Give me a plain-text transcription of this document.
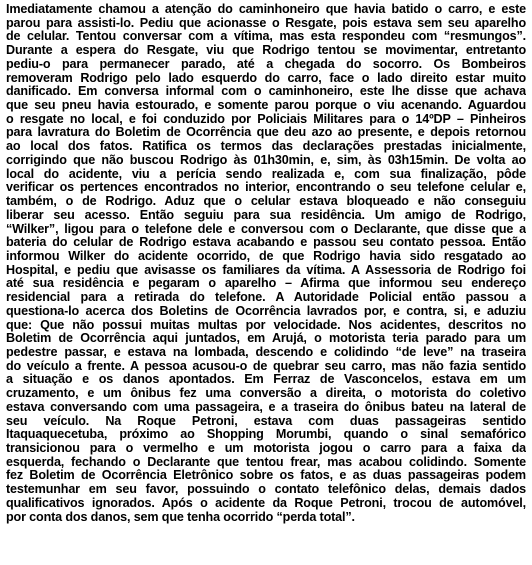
Imediatamente chamou a atenção do caminhoneiro que havia batido o carro, e este
parou para assisti-lo. Pediu que acionasse o Resgate, pois estava sem seu aparelho
de celular. Tentou conversar com a vítima, mas esta respondeu com “resmungos”.
Durante a espera do Resgate, viu que Rodrigo tentou se movimentar, entretanto
pediu-o para permanecer parado, até a chegada do socorro. Os Bombeiros
removeram Rodrigo pelo lado esquerdo do carro, face o lado direito estar muito
danificado. Em conversa informal com o caminhoneiro, este lhe disse que achava
que seu pneu havia estourado, e somente parou porque o viu acenando. Aguardou
o resgate no local, e foi conduzido por Policiais Militares para o 14ºDP – Pinheiros
para lavratura do Boletim de Ocorrência que deu azo ao presente, e depois retornou
ao local dos fatos. Ratifica os termos das declarações prestadas inicialmente,
corrigindo que não buscou Rodrigo às 01h30min, e, sim, às 03h15min. De volta ao
local do acidente, viu a perícia sendo realizada e, com sua finalização, pôde
verificar os pertences encontrados no interior, encontrando o seu telefone celular e,
também, o de Rodrigo. Aduz que o celular estava bloqueado e não conseguiu
liberar seu acesso. Então seguiu para sua residência. Um amigo de Rodrigo,
“Wilker”, ligou para o telefone dele e conversou com o Declarante, que disse que a
bateria do celular de Rodrigo estava acabando e passou seu contato pessoa. Então
informou Wilker do acidente ocorrido, de que Rodrigo havia sido resgatado ao
Hospital, e pediu que avisasse os familiares da vítima. A Assessoria de Rodrigo foi
até sua residência e pegaram o aparelho – Afirma que informou seu endereço
residencial para a retirada do telefone. A Autoridade Policial então passou a
questiona-lo acerca dos Boletins de Ocorrência lavrados por, e contra, si, e aduziu
que: Que não possui muitas multas por velocidade. Nos acidentes, descritos no
Boletim de Ocorrência aqui juntados, em Arujá, o motorista teria parado para um
pedestre passar, e estava na lombada, descendo e colidindo “de leve” na traseira
do veículo a frente. A pessoa acusou-o de quebrar seu carro, mas não fazia sentido
a situação e os danos apontados. Em Ferraz de Vasconcelos, estava em um
cruzamento, e um ônibus fez uma conversão a direita, o motorista do coletivo
estava conversando com uma passageira, e a traseira do ônibus bateu na lateral de
seu veículo. Na Roque Petroni, estava com duas passageiras sentido
Itaquaquecetuba, próximo ao Shopping Morumbi, quando o sinal semafórico
transicionou para o vermelho e um motorista jogou o carro para a faixa da
esquerda, fechando o Declarante que tentou frear, mas acabou colidindo. Somente
fez Boletim de Ocorrência Eletrônico sobre os fatos, e as duas passageiras podem
testemunhar em seu favor, possuindo o contato telefônico delas, demais dados
qualificativos ignorados. Após o acidente da Roque Petroni, trocou de automóvel,
por conta dos danos, sem que tenha ocorrido “perda total”.
